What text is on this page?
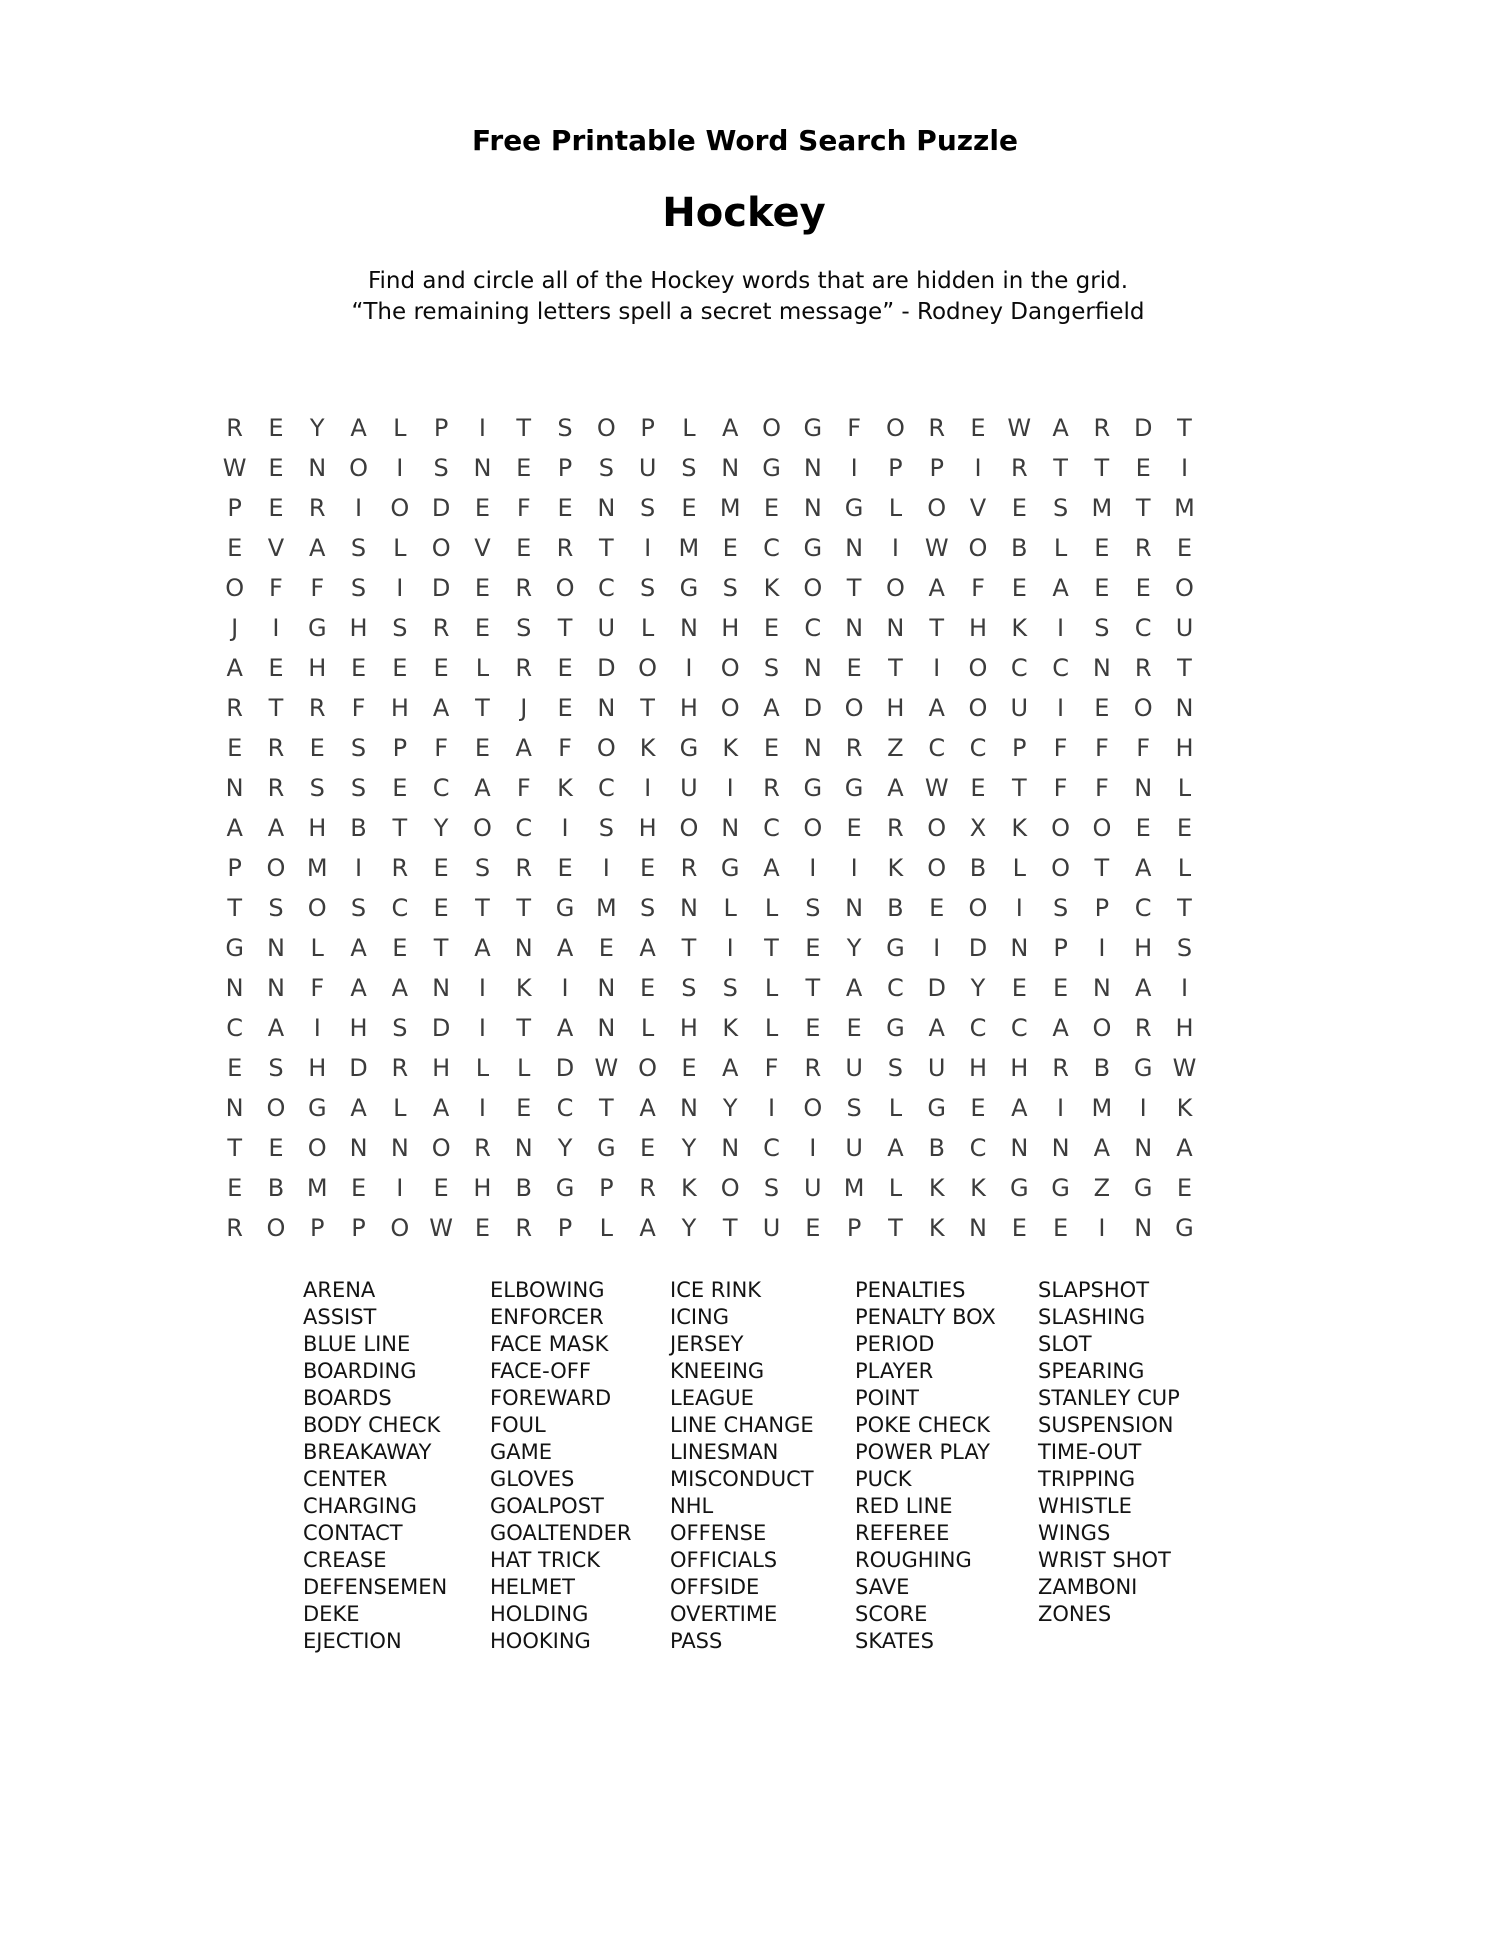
Free Printable Word Search Puzzle
Hockey
Find and circle all of the Hockey words that are hidden in the grid.
“The remaining letters spell a secret message” - Rodney Dangerfield
R	E	Y	A	L	P	I	T	S	O	P	L	A O G	F	O R	E W A	R D	T
W E	N O	I	S	N	E	P	S	U	S	N G N	I	P	P	I	R	T	T	E	I
P	E	R	I	O D	E	F	E	N	S	E M E	N G	L	O V	E	S M T M
E	V	A	S	L	O V	E	R	T	I	M E	C G N	I	W O B	L	E	R	E
O	F	F	S	I	D	E	R O C	S	G	S	K O	T	O A	F	E	A	E	E	O
J	I	G H	S	R	E	S	T	U	L	N H	E	C N N	T	H	K	I	S	C	U
A	E	H	E	E	E	L	R	E	D O	I	O	S	N	E	T	I	O C	C N R	T
R	T	R	F	H	A	T	J	E	N	T	H O A D O H	A O U	I	E	O N
E	R	E	S	P	F	E	A	F	O K	G	K	E	N R	Z	C	C	P	F	F	F	H
N R	S	S	E	C	A	F	K	C	I	U	I	R G G A W E	T	F	F	N	L
A	A	H	B	T	Y	O C	I	S	H O N C O	E	R O X	K O O	E	E
P	O M	I	R	E	S	R	E	I	E	R G A	I	I	K O B	L	O	T	A	L
T	S	O	S	C	E	T	T	G M S	N	L	L	S	N	B	E	O	I	S	P	C	T
G N	L	A	E	T	A	N	A	E	A	T	I	T	E	Y	G	I	D N	P	I	H	S
N N	F	A	A	N	I	K	I	N	E	S	S	L	T	A	C D	Y	E	E	N	A	I
C	A	I	H	S	D	I	T	A	N	L	H	K	L	E	E	G A	C	C	A O R H
E	S	H D R H	L	L	D W O	E	A	F	R	U	S	U H H R	B G W
N O G A	L	A	I	E	C	T	A	N	Y	I	O	S	L	G	E	A	I	M	I	K
T	E	O N N O R N	Y	G	E	Y	N C	I	U	A	B	C N N	A	N	A
E	B M E	I	E	H	B G	P	R	K O	S	U M	L	K	K	G G Z G	E
R O	P	P	O W E	R	P	L	A	Y	T	U	E	P	T	K	N	E	E	I	N G
ARENA
ASSIST
BLUE LINE
BOARDING
BOARDS
BODY CHECK
BREAKAWAY
CENTER
CHARGING
CONTACT
CREASE
DEFENSEMEN
DEKE
EJECTION
ELBOWING
ENFORCER
FACE MASK
FACE-OFF
FOREWARD
FOUL
GAME
GLOVES
GOALPOST
GOALTENDER
HAT TRICK
HELMET
HOLDING
HOOKING
ICE RINK
ICING
JERSEY
KNEEING
LEAGUE
LINE CHANGE
LINESMAN
MISCONDUCT
NHL
OFFENSE
OFFICIALS
OFFSIDE
OVERTIME
PASS
PENALTIES
PENALTY BOX
PERIOD
PLAYER
POINT
POKE CHECK
POWER PLAY
PUCK
RED LINE
REFEREE
ROUGHING
SAVE
SCORE
SKATES
SLAPSHOT
SLASHING
SLOT
SPEARING
STANLEY CUP
SUSPENSION
TIME-OUT
TRIPPING
WHISTLE
WINGS
WRIST SHOT
ZAMBONI
ZONES
